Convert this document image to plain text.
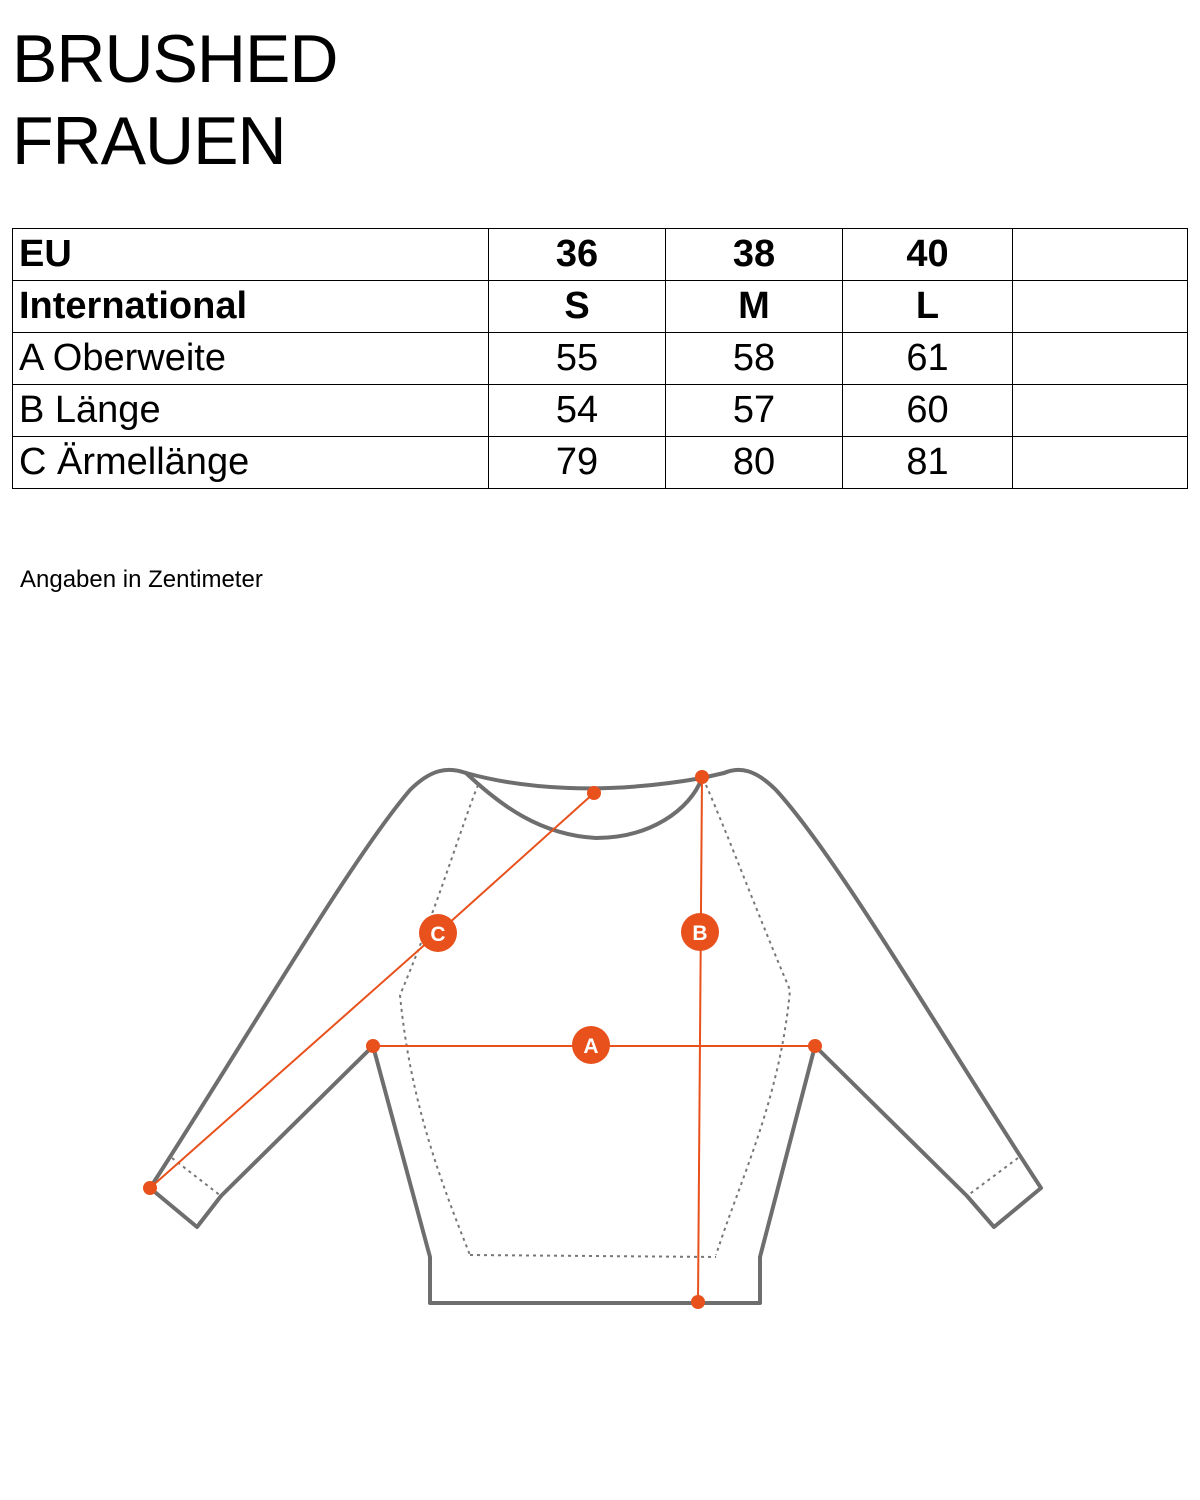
BRUSHED
FRAUEN
EU	36	38	40	
International	S	M	L	
A Oberweite	55	58	61	
B Länge	54	57	60	
C Ärmellänge	79	80	81	
Angaben in Zentimeter
A
B
C
